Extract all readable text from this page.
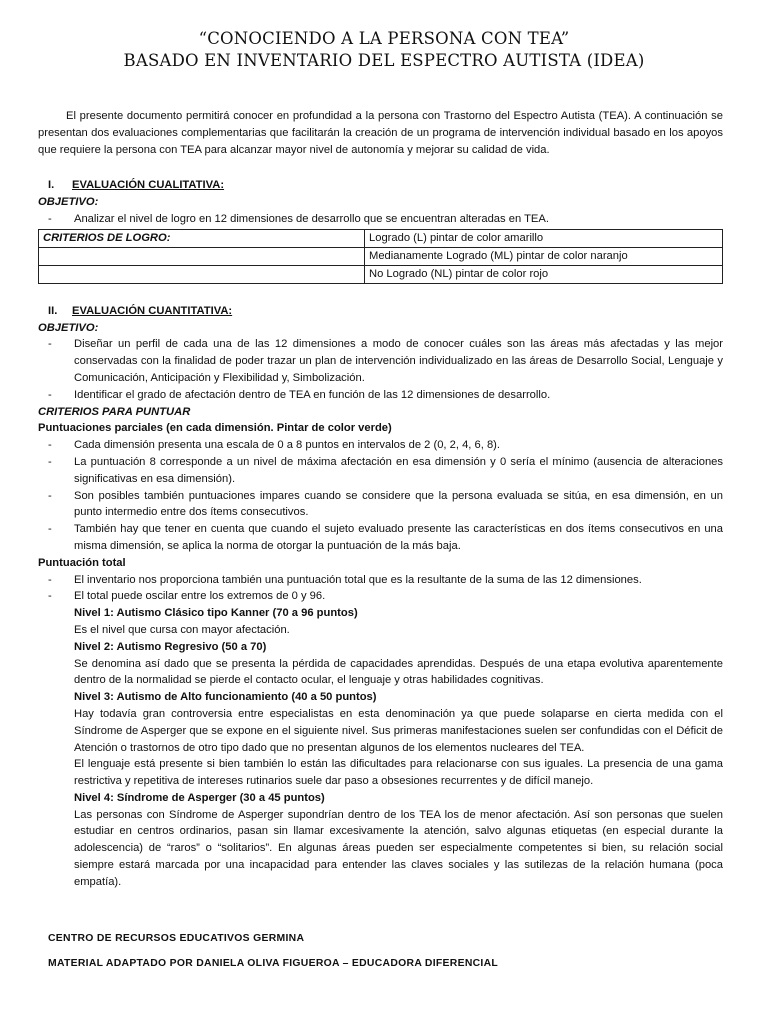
“CONOCIENDO A LA PERSONA CON TEA”
BASADO EN INVENTARIO DEL ESPECTRO AUTISTA (IDEA)

El presente documento permitirá conocer en profundidad a la persona con Trastorno del Espectro Autista (TEA). A continuación se presentan dos evaluaciones complementarias que facilitarán la creación de un programa de intervención individual basado en los apoyos que requiere la persona con TEA para alcanzar mayor nivel de autonomía y mejorar su calidad de vida.

I. EVALUACIÓN CUALITATIVA:

OBJETIVO:

- Analizar el nivel de logro en 12 dimensiones de desarrollo que se encuentran alteradas en TEA.
CRITERIOS DE LOGRO:	Logrado (L) pintar de color amarillo
	Medianamente Logrado (ML) pintar de color naranjo
	No Logrado (NL) pintar de color rojo

II. EVALUACIÓN CUANTITATIVA:

OBJETIVO:

- Diseñar un perfil de cada una de las 12 dimensiones a modo de conocer cuáles son las áreas más afectadas y las mejor conservadas con la finalidad de poder trazar un plan de intervención individualizado en las áreas de Desarrollo Social, Lenguaje y Comunicación, Anticipación y Flexibilidad y, Simbolización.
- Identificar el grado de afectación dentro de TEA en función de las 12 dimensiones de desarrollo.

CRITERIOS PARA PUNTUAR

Puntuaciones parciales (en cada dimensión. Pintar de color verde)

- Cada dimensión presenta una escala de 0 a 8 puntos en intervalos de 2 (0, 2, 4, 6, 8).
- La puntuación 8 corresponde a un nivel de máxima afectación en esa dimensión y 0 sería el mínimo (ausencia de alteraciones significativas en esa dimensión).
- Son posibles también puntuaciones impares cuando se considere que la persona evaluada se sitúa, en esa dimensión, en un punto intermedio entre dos ítems consecutivos.
- También hay que tener en cuenta que cuando el sujeto evaluado presente las características en dos ítems consecutivos en una misma dimensión, se aplica la norma de otorgar la puntuación de la más baja.

Puntuación total

- El inventario nos proporciona también una puntuación total que es la resultante de la suma de las 12 dimensiones.
- El total puede oscilar entre los extremos de 0 y 96.

Nivel 1: Autismo Clásico tipo Kanner (70 a 96 puntos)

Es el nivel que cursa con mayor afectación.

Nivel 2: Autismo Regresivo (50 a 70)

Se denomina así dado que se presenta la pérdida de capacidades aprendidas. Después de una etapa evolutiva aparentemente dentro de la normalidad se pierde el contacto ocular, el lenguaje y otras habilidades cognitivas.

Nivel 3: Autismo de Alto funcionamiento (40 a 50 puntos)

Hay todavía gran controversia entre especialistas en esta denominación ya que puede solaparse en cierta medida con el Síndrome de Asperger que se expone en el siguiente nivel. Sus primeras manifestaciones suelen ser confundidas con el Déficit de Atención o trastornos de otro tipo dado que no presentan algunos de los elementos nucleares del TEA.

El lenguaje está presente si bien también lo están las dificultades para relacionarse con sus iguales. La presencia de una gama restrictiva y repetitiva de intereses rutinarios suele dar paso a obsesiones recurrentes y de difícil manejo.

Nivel 4: Síndrome de Asperger (30 a 45 puntos)

Las personas con Síndrome de Asperger supondrían dentro de los TEA los de menor afectación. Así son personas que suelen estudiar en centros ordinarios, pasan sin llamar excesivamente la atención, salvo algunas etiquetas (en especial durante la adolescencia) de “raros” o “solitarios”. En algunas áreas pueden ser especialmente competentes si bien, su relación social siempre estará marcada por una incapacidad para entender las claves sociales y las sutilezas de la relación humana (poca empatía).

CENTRO DE RECURSOS EDUCATIVOS GERMINA
MATERIAL ADAPTADO POR DANIELA OLIVA FIGUEROA – EDUCADORA DIFERENCIAL
